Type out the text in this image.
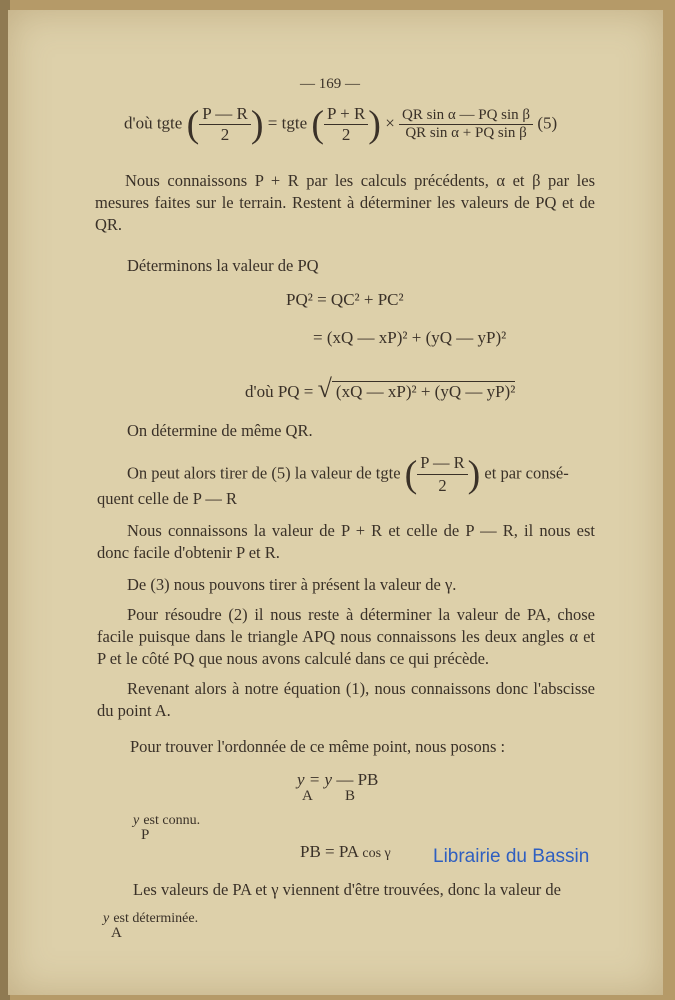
— 169 —
d'où tgte ( $\frac{P — R}{2}$ ) = tgte ( $\frac{P + R}{2}$ ) × $\frac{\text{QR sin α — PQ sin β}}{\text{QR sin α + PQ sin β}} (5)$
Nous connaissons P + R par les calculs précédents, α et β par les mesures faites sur le terrain. Restent à déterminer les valeurs de PQ et de QR.
Déterminons la valeur de PQ
PQ² = QC² + PC²
= (xQ — xP)² + (yQ — yP)²
d'où PQ = √ (xQ — xP)² + (yQ — yP)²
On détermine de même QR.
On peut alors tirer de (5) la valeur de tgte ( $\frac{P — R}{2}$ ) et par consé-
quent celle de P — R
Nous connaissons la valeur de P + R et celle de P — R, il nous est donc facile d'obtenir P et R.
De (3) nous pouvons tirer à présent la valeur de γ.
Pour résoudre (2) il nous reste à déterminer la valeur de PA, chose facile puisque dans le triangle APQ nous connaissons les deux angles α et P et le côté PQ que nous avons calculé dans ce qui précède.
Revenant alors à notre équation (1), nous connaissons donc l'abscisse du point A.
Pour trouver l'ordonnée de ce même point, nous posons :
y
A
= y
B
— PB
y
P
est connu.
PB = PA cos γ Librairie du Bassin
Les valeurs de PA et γ viennent d'être trouvées, donc la valeur de
y
A
est déterminée.
